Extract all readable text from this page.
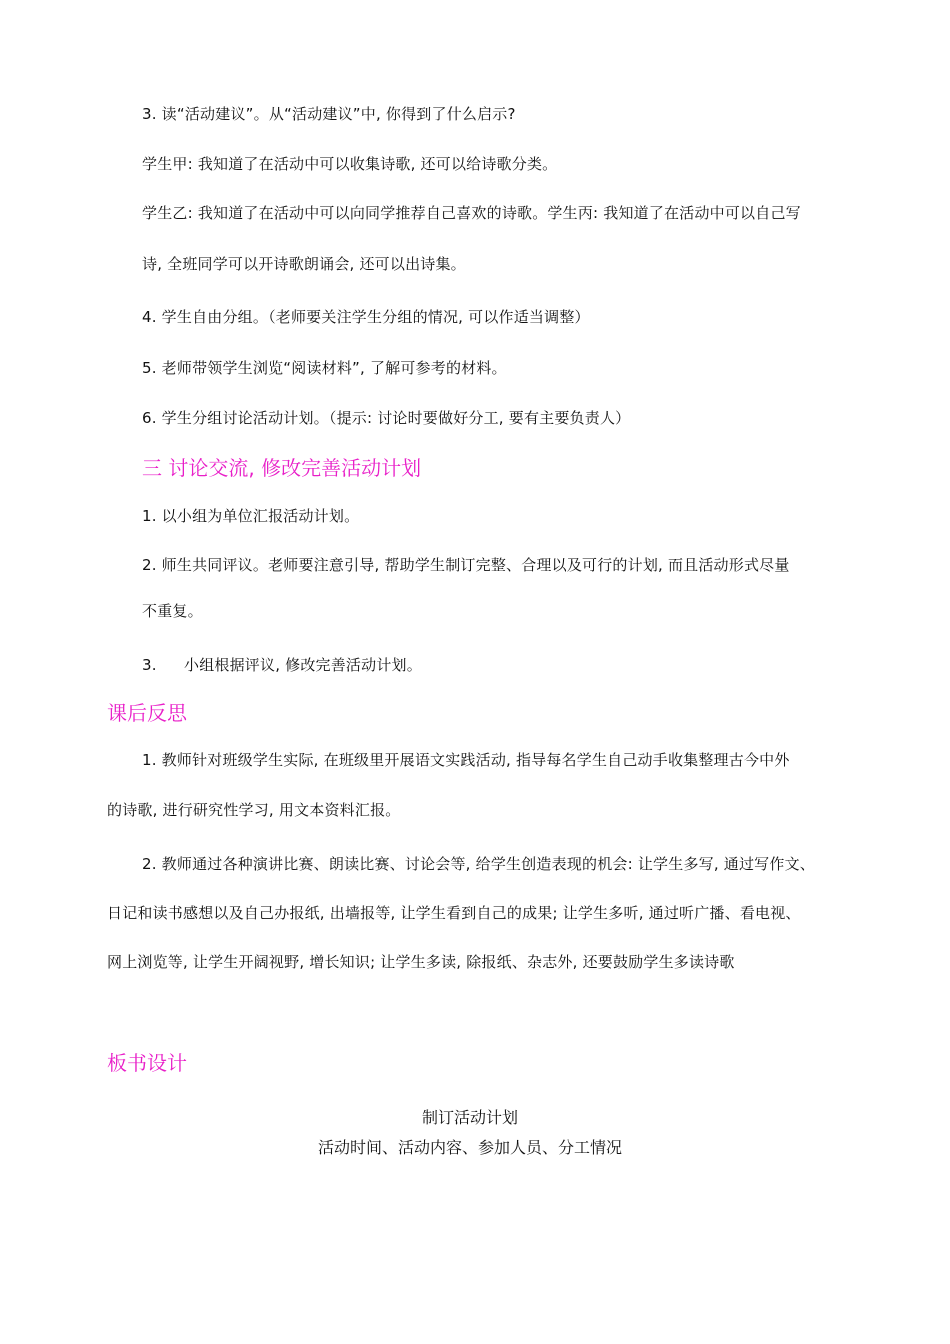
3. 读“活动建议”。从“活动建议”中, 你得到了什么启示?
学生甲: 我知道了在活动中可以收集诗歌, 还可以给诗歌分类。
学生乙: 我知道了在活动中可以向同学推荐自己喜欢的诗歌。学生丙: 我知道了在活动中可以自己写
诗, 全班同学可以开诗歌朗诵会, 还可以出诗集。
4. 学生自由分组。（老师要关注学生分组的情况, 可以作适当调整）
5. 老师带领学生浏览“阅读材料”, 了解可参考的材料。
6. 学生分组讨论活动计划。（提示: 讨论时要做好分工, 要有主要负责人）
三 讨论交流, 修改完善活动计划
1. 以小组为单位汇报活动计划。
2. 师生共同评议。老师要注意引导, 帮助学生制订完整、合理以及可行的计划, 而且活动形式尽量
不重复。
3. 小组根据评议, 修改完善活动计划。
课后反思
1. 教师针对班级学生实际, 在班级里开展语文实践活动, 指导每名学生自己动手收集整理古今中外
的诗歌, 进行研究性学习, 用文本资料汇报。
2. 教师通过各种演讲比赛、朗读比赛、讨论会等, 给学生创造表现的机会: 让学生多写, 通过写作文、
日记和读书感想以及自己办报纸, 出墙报等, 让学生看到自己的成果; 让学生多听, 通过听广播、看电视、
网上浏览等, 让学生开阔视野, 增长知识; 让学生多读, 除报纸、杂志外, 还要鼓励学生多读诗歌
板书设计
制订活动计划
活动时间、活动内容、参加人员、分工情况
